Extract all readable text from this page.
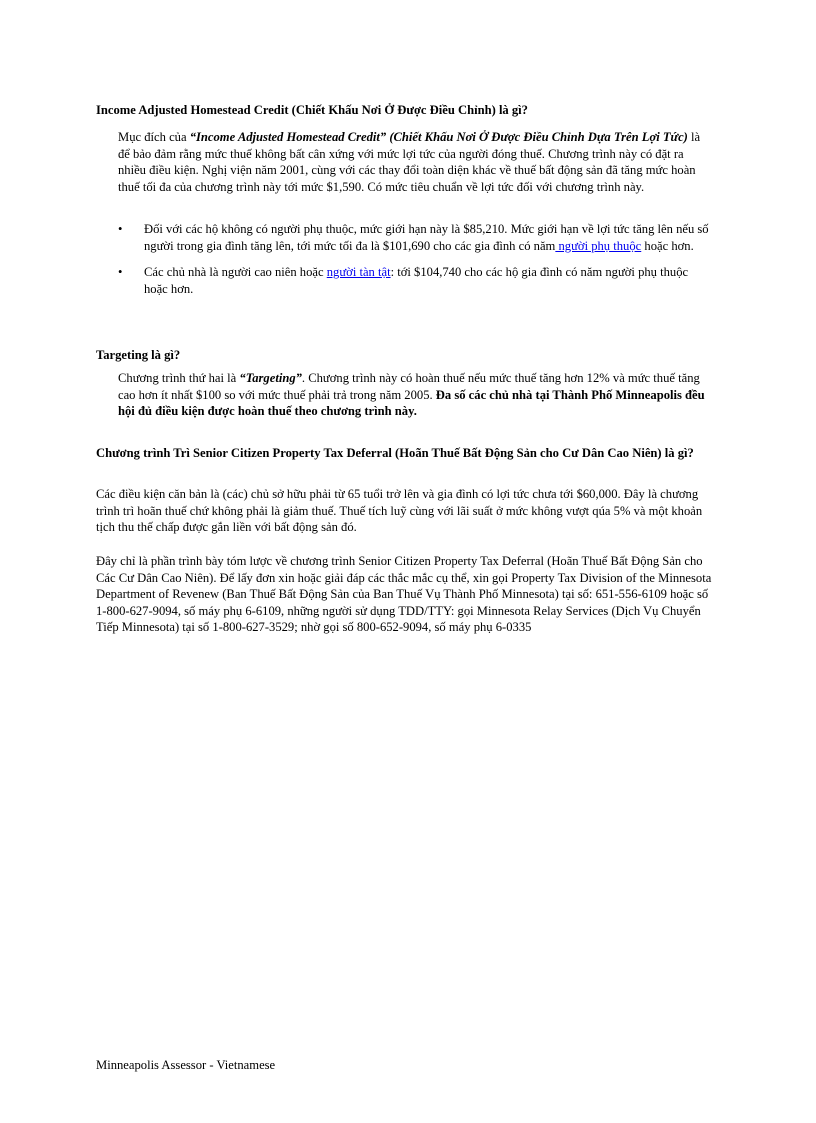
Income Adjusted Homestead Credit (Chiết Khấu Nơi Ở Được Điều Chỉnh) là gì?

Mục đích của “Income Adjusted Homestead Credit” (Chiết Khấu Nơi Ở Được Điều Chỉnh Dựa Trên Lợi Tức) là để bảo đảm rằng mức thuế không bất cân xứng với mức lợi tức của người đóng thuế. Chương trình này có đặt ra nhiều điều kiện. Nghị viện năm 2001, cùng với các thay đổi toàn diện khác về thuế bất động sản đã tăng mức hoàn thuế tối đa của chương trình này tới mức $1,590. Có mức tiêu chuẩn về lợi tức đối với chương trình này.

• Đối với các hộ không có người phụ thuộc, mức giới hạn này là $85,210. Mức giới hạn về lợi tức tăng lên nếu số người trong gia đình tăng lên, tới mức tối đa là $101,690 cho các gia đình có năm người phụ thuộc hoặc hơn.
• Các chủ nhà là người cao niên hoặc người tàn tật: tới $104,740 cho các hộ gia đình có năm người phụ thuộc hoặc hơn.
Targeting là gì?

Chương trình thứ hai là “Targeting”. Chương trình này có hoàn thuế nếu mức thuế tăng hơn 12% và mức thuế tăng cao hơn ít nhất $100 so với mức thuế phải trả trong năm 2005. Đa số các chủ nhà tại Thành Phố Minneapolis đều hội đủ điều kiện được hoàn thuế theo chương trình này.

Chương trình Trì Senior Citizen Property Tax Deferral (Hoãn Thuế Bất Động Sản cho Cư Dân Cao Niên) là gì?

Các điều kiện căn bản là (các) chủ sở hữu phải từ 65 tuổi trở lên và gia đình có lợi tức chưa tới $60,000. Đây là chương trình trì hoãn thuế chứ không phải là giảm thuế. Thuế tích luỹ cùng với lãi suất ở mức không vượt qúa 5% và một khoản tịch thu thế chấp được gắn liền với bất động sản đó.

Đây chỉ là phần trình bày tóm lược về chương trình Senior Citizen Property Tax Deferral (Hoãn Thuế Bất Động Sản cho Các Cư Dân Cao Niên). Để lấy đơn xin hoặc giải đáp các thắc mắc cụ thể, xin gọi Property Tax Division of the Minnesota Department of Revenew (Ban Thuế Bất Động Sản của Ban Thuế Vụ Thành Phố Minnesota) tại số: 651-556-6109 hoặc số 1-800-627-9094, số máy phụ 6-6109, những người sử dụng TDD/TTY: gọi Minnesota Relay Services (Dịch Vụ Chuyển Tiếp Minnesota) tại số 1-800-627-3529; nhờ gọi số 800-652-9094, số máy phụ 6-0335

Minneapolis Assessor - Vietnamese
